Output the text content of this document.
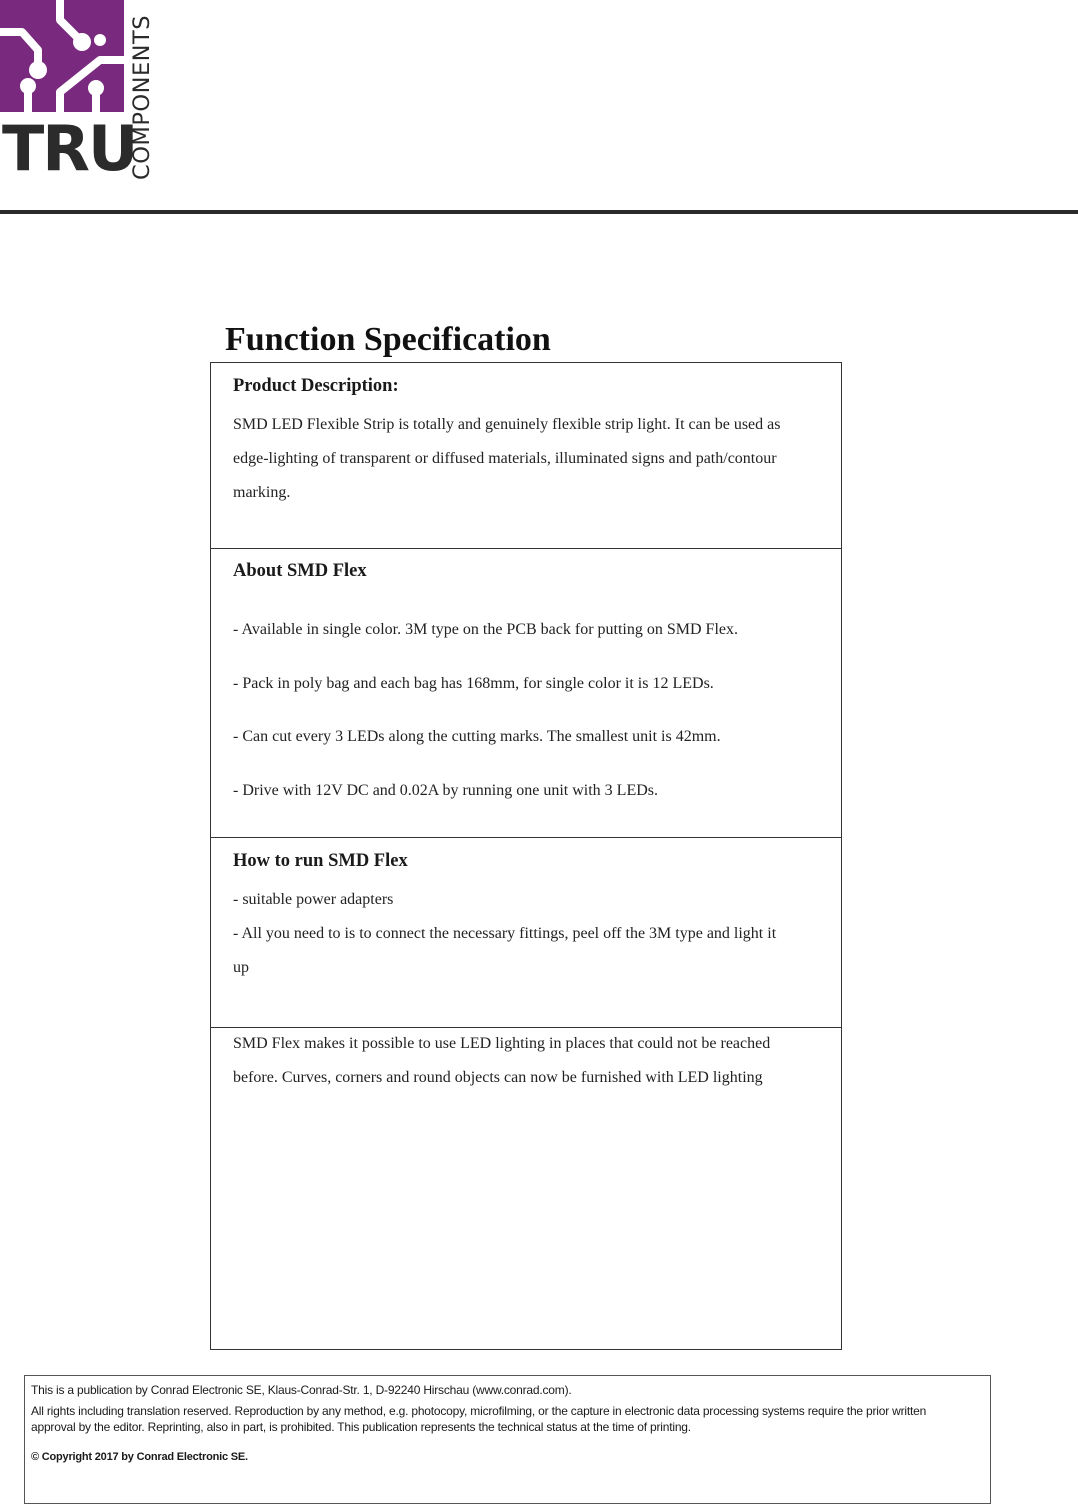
TRU
COMPONENTS
Function Specification
Product Description:
SMD LED Flexible Strip is totally and genuinely flexible strip light. It can be used as
edge-lighting of transparent or diffused materials, illuminated signs and path/contour
marking.
About SMD Flex
- Available in single color. 3M type on the PCB back for putting on SMD Flex.
- Pack in poly bag and each bag has 168mm, for single color it is 12 LEDs.
- Can cut every 3 LEDs along the cutting marks. The smallest unit is 42mm.
- Drive with 12V DC and 0.02A by running one unit with 3 LEDs.
How to run SMD Flex
- suitable power adapters
- All you need to is to connect the necessary fittings, peel off the 3M type and light it
up
SMD Flex makes it possible to use LED lighting in places that could not be reached
before. Curves, corners and round objects can now be furnished with LED lighting
This is a publication by Conrad Electronic SE, Klaus-Conrad-Str. 1, D-92240 Hirschau (www.conrad.com).
All rights including translation reserved. Reproduction by any method, e.g. photocopy, microfilming, or the capture in electronic data processing systems require the prior written
approval by the editor. Reprinting, also in part, is prohibited. This publication represents the technical status at the time of printing.
© Copyright 2017 by Conrad Electronic SE.
